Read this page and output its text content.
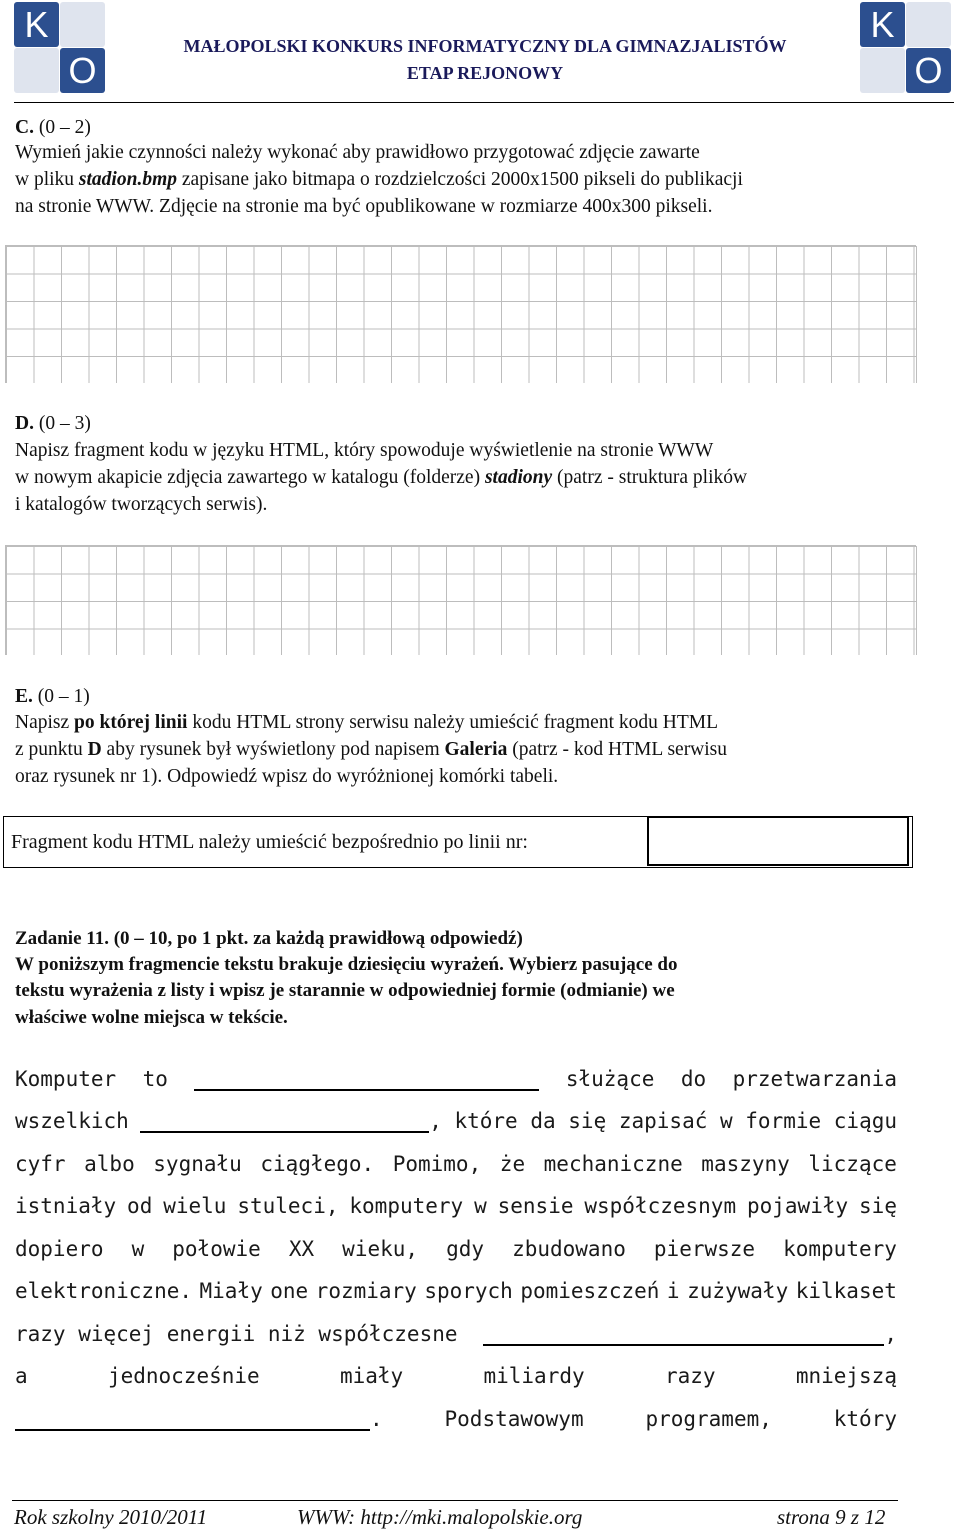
K
O
K
O
MAŁOPOLSKI KONKURS INFORMATYCZNY DLA GIMNAZJALISTÓW
ETAP REJONOWY
C. (0 – 2)
Wymień jakie czynności należy wykonać aby prawidłowo przygotować zdjęcie zawarte
w pliku stadion.bmp zapisane jako bitmapa o rozdzielczości 2000x1500 pikseli do publikacji
na stronie WWW. Zdjęcie na stronie ma być opublikowane w rozmiarze 400x300 pikseli.
D. (0 – 3)
Napisz fragment kodu w języku HTML, który spowoduje wyświetlenie na stronie WWW
w nowym akapicie zdjęcia zawartego w katalogu (folderze) stadiony (patrz - struktura plików
i katalogów tworzących serwis).
E. (0 – 1)
Napisz po której linii kodu HTML strony serwisu należy umieścić fragment kodu HTML
z punktu D aby rysunek był wyświetlony pod napisem Galeria (patrz - kod HTML serwisu
oraz rysunek nr 1). Odpowiedź wpisz do wyróżnionej komórki tabeli.
Fragment kodu HTML należy umieścić bezpośrednio po linii nr:
Zadanie 11. (0 – 10, po 1 pkt. za każdą prawidłową odpowiedź)
W poniższym fragmencie tekstu brakuje dziesięciu wyrażeń. Wybierz pasujące do
tekstu wyrażenia z listy i wpisz je starannie w odpowiedniej formie (odmianie) we
właściwe wolne miejsca w tekście.
Komputer to	służące do przetwarzania
wszelkich	, które da się zapisać w formie ciągu
cyfr albo sygnału ciągłego. Pomimo, że mechaniczne maszyny liczące
istniały od wielu stuleci, komputery w sensie współczesnym pojawiły się
dopiero w połowie XX wieku, gdy zbudowano pierwsze komputery
elektroniczne. Miały one rozmiary sporych pomieszczeń i zużywały kilkaset
razy więcej energii niż współczesne	,
a	jednocześnie	miały	miliardy	razy	mniejszą
.	Podstawowym	programem,	który
Rok szkolny 2010/2011	WWW: http://mki.malopolskie.org	strona 9 z 12
